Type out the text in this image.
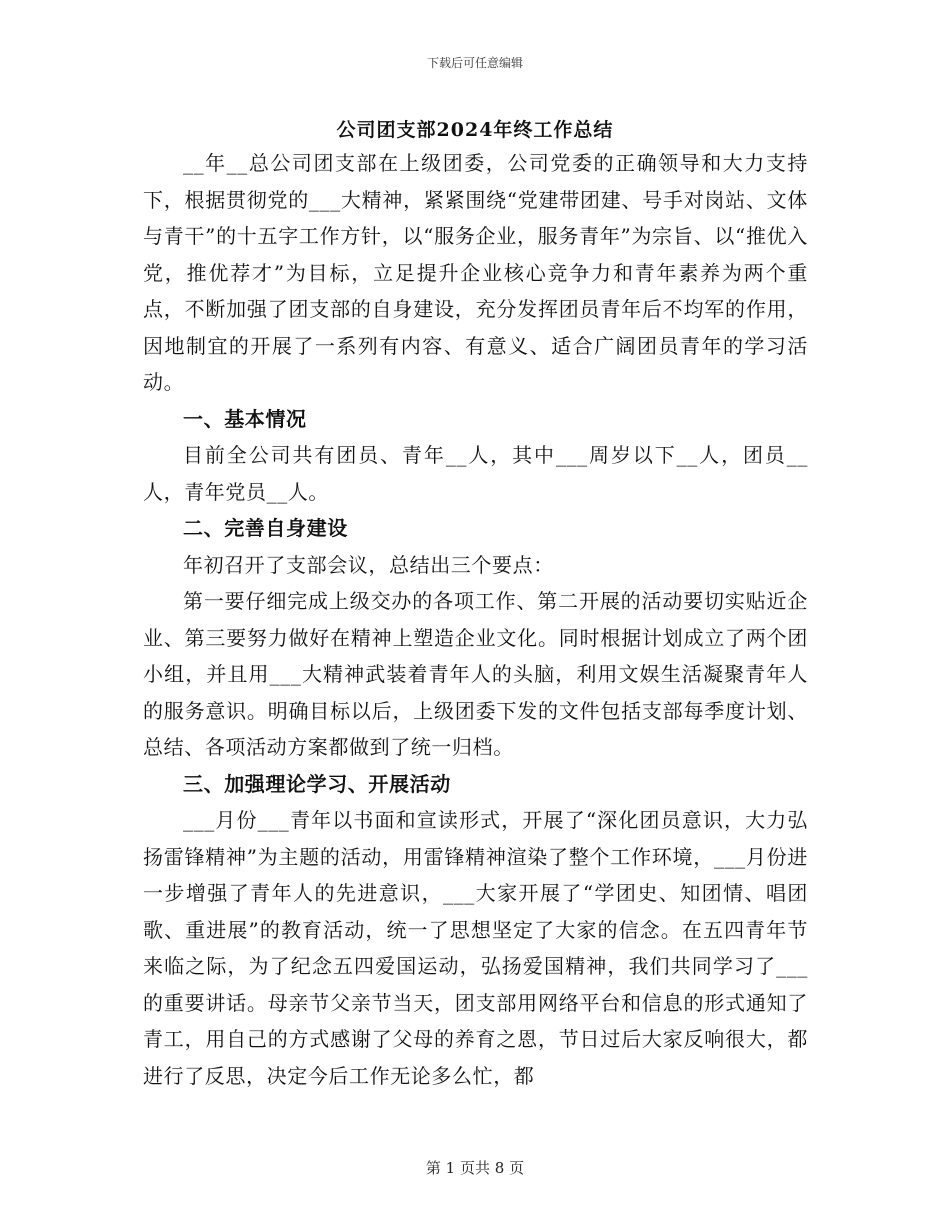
下载后可任意编辑
公司团支部2024年终工作总结

__年__总公司团支部在上级团委，公司党委的正确领导和大力支持下，根据贯彻党的___大精神，紧紧围绕“党建带团建、号手对岗站、文体与青干”的十五字工作方针，以“服务企业，服务青年”为宗旨、以“推优入党，推优荐才”为目标，立足提升企业核心竞争力和青年素养为两个重点，不断加强了团支部的自身建设，充分发挥团员青年后不均军的作用，因地制宜的开展了一系列有内容、有意义、适合广阔团员青年的学习活动。

一、基本情况

目前全公司共有团员、青年__人，其中___周岁以下__人，团员__人，青年党员__人。

二、完善自身建设

年初召开了支部会议，总结出三个要点：

第一要仔细完成上级交办的各项工作、第二开展的活动要切实贴近企业、第三要努力做好在精神上塑造企业文化。同时根据计划成立了两个团小组，并且用___大精神武装着青年人的头脑，利用文娱生活凝聚青年人的服务意识。明确目标以后，上级团委下发的文件包括支部每季度计划、总结、各项活动方案都做到了统一归档。

三、加强理论学习、开展活动

___月份___青年以书面和宣读形式，开展了“深化团员意识，大力弘扬雷锋精神”为主题的活动，用雷锋精神渲染了整个工作环境，___月份进一步增强了青年人的先进意识，___大家开展了“学团史、知团情、唱团歌、重进展”的教育活动，统一了思想坚定了大家的信念。在五四青年节来临之际，为了纪念五四爱国运动，弘扬爱国精神，我们共同学习了___的重要讲话。母亲节父亲节当天，团支部用网络平台和信息的形式通知了青工，用自己的方式感谢了父母的养育之恩，节日过后大家反响很大，都进行了反思，决定今后工作无论多么忙，都

第 1 页共 8 页
